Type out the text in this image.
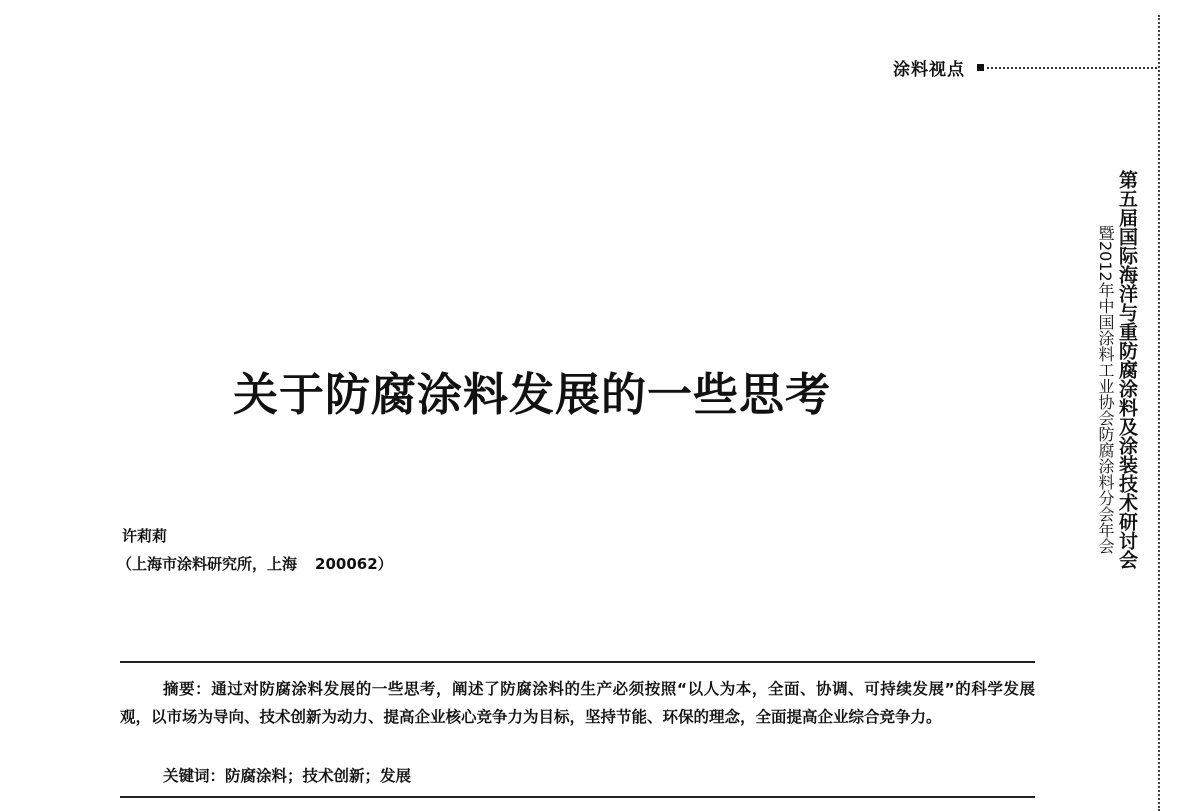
涂料视点
第五届国际海洋与重防腐涂料及涂装技术研讨会
暨2012年中国涂料工业协会防腐涂料分会年会
关于防腐涂料发展的一些思考
许莉莉
（上海市涂料研究所，上海 200062）
摘要：通过对防腐涂料发展的一些思考，阐述了防腐涂料的生产必须按照“以人为本，全面、协调、可持续发展”的科学发展观，以市场为导向、技术创新为动力、提高企业核心竞争力为目标，坚持节能、环保的理念，全面提高企业综合竞争力。
关键词：防腐涂料；技术创新；发展
